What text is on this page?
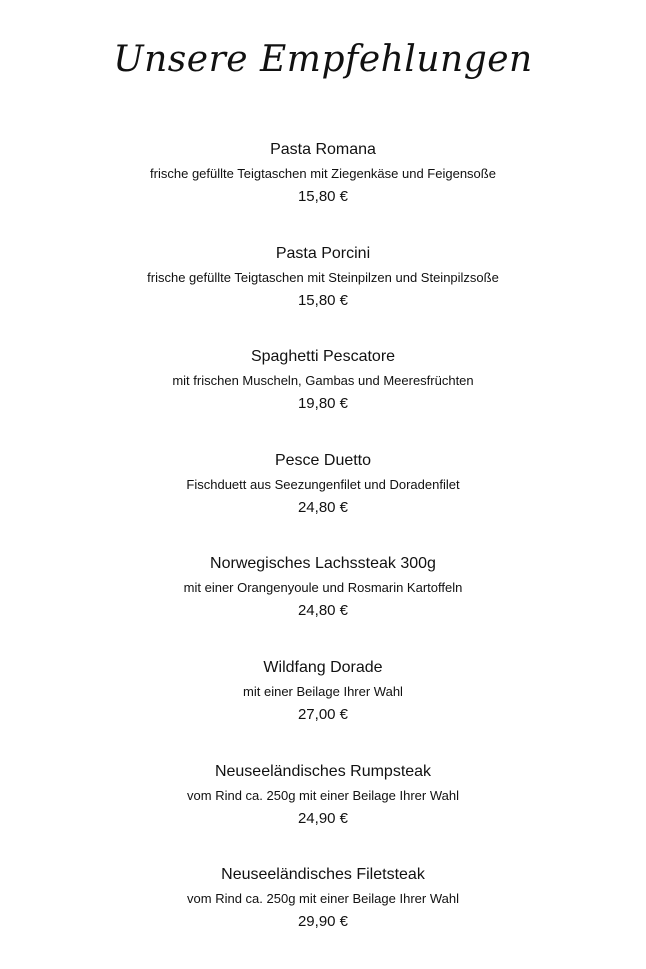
Unsere Empfehlungen
Pasta Romana
frische gefüllte Teigtaschen mit Ziegenkäse und Feigensoße
15,80 €
Pasta Porcini
frische gefüllte Teigtaschen mit Steinpilzen und Steinpilzsoße
15,80 €
Spaghetti Pescatore
mit frischen Muscheln, Gambas und Meeresfrüchten
19,80 €
Pesce Duetto
Fischduett aus Seezungenfilet und Doradenfilet
24,80 €
Norwegisches Lachssteak 300g
mit einer Orangenyoule und Rosmarin Kartoffeln
24,80 €
Wildfang Dorade
mit einer Beilage Ihrer Wahl
27,00 €
Neuseeländisches Rumpsteak
vom Rind ca. 250g mit einer Beilage Ihrer Wahl
24,90 €
Neuseeländisches Filetsteak
vom Rind ca. 250g mit einer Beilage Ihrer Wahl
29,90 €
